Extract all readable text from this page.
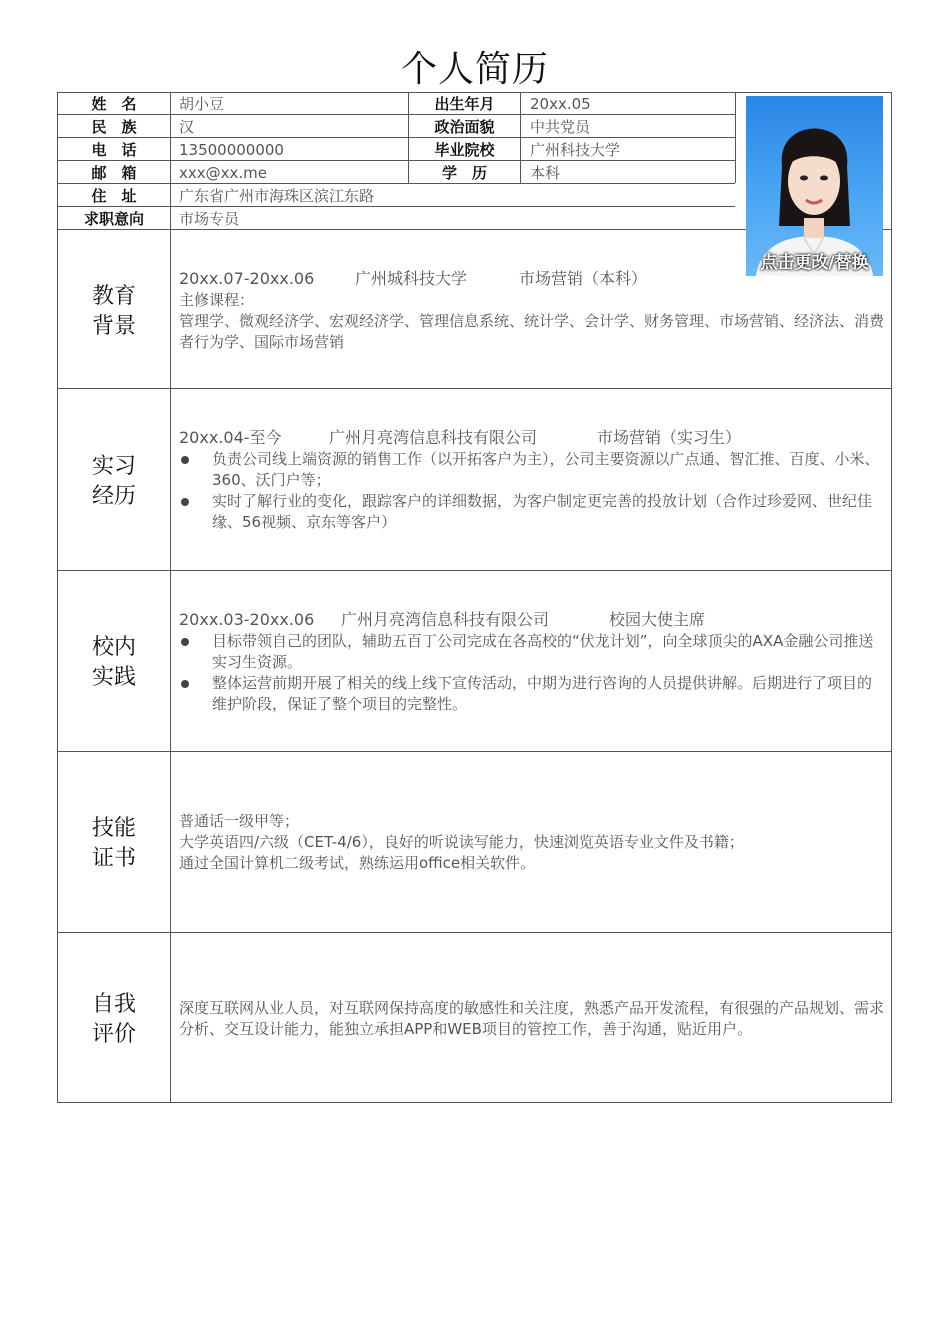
个人简历
姓　名	胡小豆	出生年月	20xx.05
民　族	汉	政治面貌	中共党员
电　话	13500000000	毕业院校	广州科技大学
邮　箱	xxx@xx.me	学　历	本科
住　址	广东省广州市海珠区滨江东路
求职意向	市场专员
点击更改/替换
教育
背景
20xx.07-20xx.06	广州城科技大学	市场营销（本科）
主修课程：
管理学、微观经济学、宏观经济学、管理信息系统、统计学、会计学、财务管理、市场营销、经济法、消费者行为学、国际市场营销
实习
经历
20xx.04-至今	广州月亮湾信息科技有限公司	市场营销（实习生）
负责公司线上端资源的销售工作（以开拓客户为主），公司主要资源以广点通、智汇推、百度、小米、360、沃门户等；
实时了解行业的变化，跟踪客户的详细数据，为客户制定更完善的投放计划（合作过珍爱网、世纪佳缘、56视频、京东等客户）
校内
实践
20xx.03-20xx.06 广州月亮湾信息科技有限公司	校园大使主席
目标带领自己的团队，辅助五百丁公司完成在各高校的“伏龙计划”，向全球顶尖的AXA金融公司推送实习生资源。
整体运营前期开展了相关的线上线下宣传活动，中期为进行咨询的人员提供讲解。后期进行了项目的维护阶段，保证了整个项目的完整性。
技能
证书
普通话一级甲等；
大学英语四/六级（CET-4/6），良好的听说读写能力，快速浏览英语专业文件及书籍；
通过全国计算机二级考试，熟练运用office相关软件。
自我
评价
深度互联网从业人员，对互联网保持高度的敏感性和关注度，熟悉产品开发流程，有很强的产品规划、需求分析、交互设计能力，能独立承担APP和WEB项目的管控工作，善于沟通，贴近用户。
